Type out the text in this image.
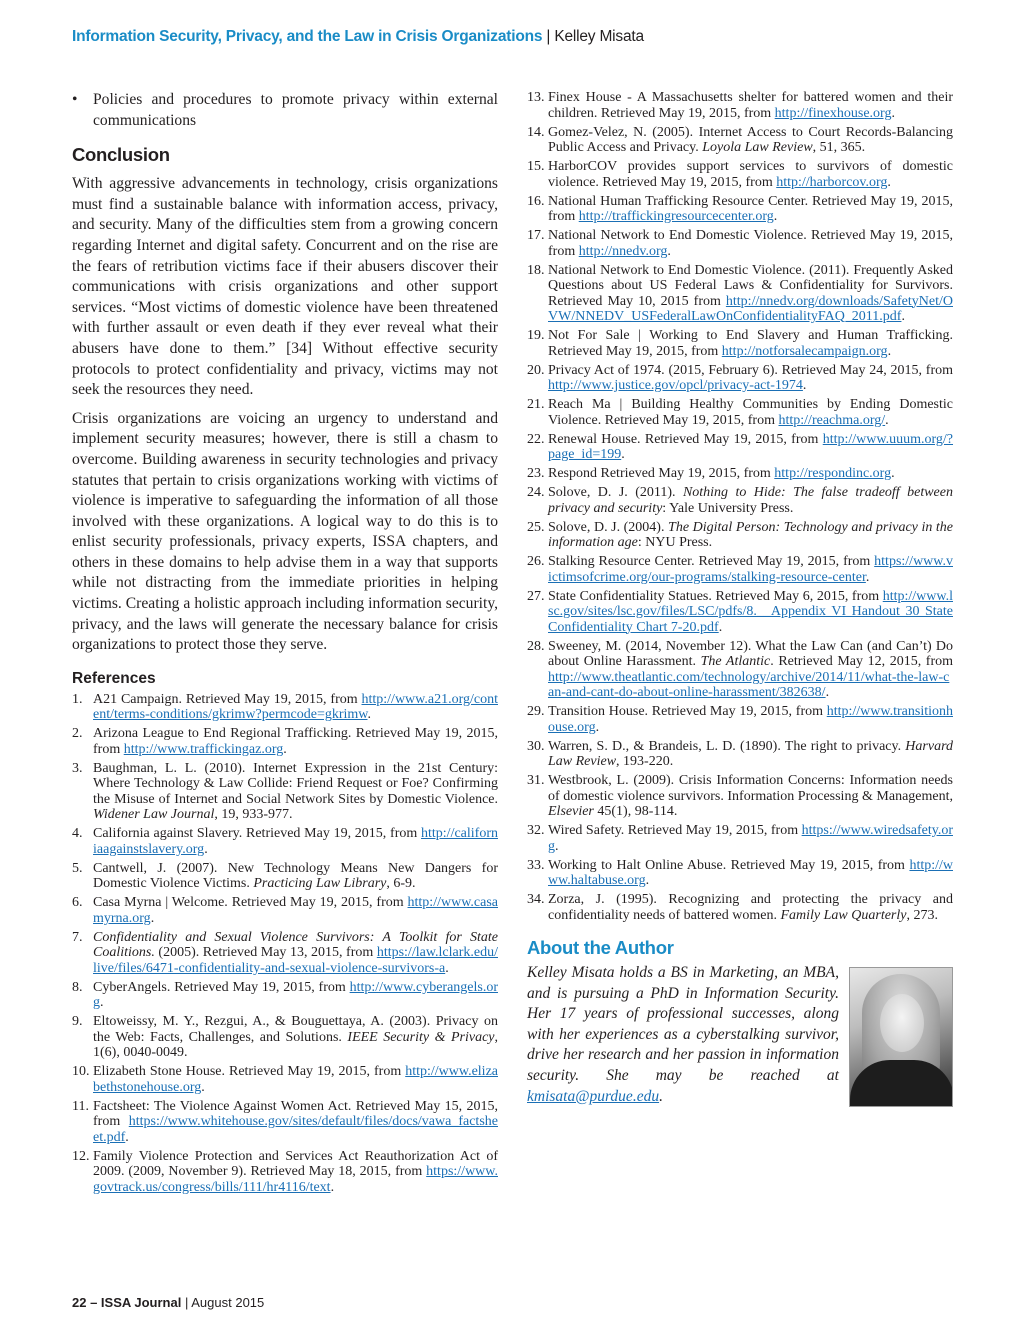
Information Security, Privacy, and the Law in Crisis Organizations | Kelley Misata
• Policies and procedures to promote privacy within external communications
Conclusion

With aggressive advancements in technology, crisis organizations must find a sustainable balance with information access, privacy, and security. Many of the difficulties stem from a growing concern regarding Internet and digital safety. Concurrent and on the rise are the fears of retribution victims face if their abusers discover their communications with crisis organizations and other support services. “Most victims of domestic violence have been threatened with further assault or even death if they ever reveal what their abusers have done to them.” [34] Without effective security protocols to protect confidentiality and privacy, victims may not seek the resources they need.

Crisis organizations are voicing an urgency to understand and implement security measures; however, there is still a chasm to overcome. Building awareness in security technologies and privacy statutes that pertain to crisis organizations working with victims of violence is imperative to safeguarding the information of all those involved with these organizations. A logical way to do this is to enlist security professionals, privacy experts, ISSA chapters, and others in these domains to help advise them in a way that supports while not distracting from the immediate priorities in helping victims. Creating a holistic approach including information security, privacy, and the laws will generate the necessary balance for crisis organizations to protect those they serve.

References
1. A21 Campaign. Retrieved May 19, 2015, from http://www.a21.org/content/terms-conditions/gkrimw?permcode=gkrimw.
2. Arizona League to End Regional Trafficking. Retrieved May 19, 2015, from http://www.traffickingaz.org.
3. Baughman, L. L. (2010). Internet Expression in the 21st Century: Where Technology & Law Collide: Friend Request or Foe? Confirming the Misuse of Internet and Social Network Sites by Domestic Violence. Widener Law Journal, 19, 933-977.
4. California against Slavery. Retrieved May 19, 2015, from http://californiaagainstslavery.org.
5. Cantwell, J. (2007). New Technology Means New Dangers for Domestic Violence Victims. Practicing Law Library, 6-9.
6. Casa Myrna | Welcome. Retrieved May 19, 2015, from http://www.casamyrna.org.
7. Confidentiality and Sexual Violence Survivors: A Toolkit for State Coalitions. (2005). Retrieved May 13, 2015, from https://law.lclark.edu/live/files/6471-confidentiality-and-sexual-violence-survivors-a.
8. CyberAngels. Retrieved May 19, 2015, from http://www.cyberangels.org.
9. Eltoweissy, M. Y., Rezgui, A., & Bouguettaya, A. (2003). Privacy on the Web: Facts, Challenges, and Solutions. IEEE Security & Privacy, 1(6), 0040-0049.
10. Elizabeth Stone House. Retrieved May 19, 2015, from http://www.elizabethstonehouse.org.
11. Factsheet: The Violence Against Women Act. Retrieved May 15, 2015, from https://www.whitehouse.gov/sites/default/files/docs/vawa_factsheet.pdf.
12. Family Violence Protection and Services Act Reauthorization Act of 2009. (2009, November 9). Retrieved May 18, 2015, from https://www.govtrack.us/congress/bills/111/hr4116/text.
13. Finex House - A Massachusetts shelter for battered women and their children. Retrieved May 19, 2015, from http://finexhouse.org.
14. Gomez-Velez, N. (2005). Internet Access to Court Records-Balancing Public Access and Privacy. Loyola Law Review, 51, 365.
15. HarborCOV provides support services to survivors of domestic violence. Retrieved May 19, 2015, from http://harborcov.org.
16. National Human Trafficking Resource Center. Retrieved May 19, 2015, from http://traffickingresourcecenter.org.
17. National Network to End Domestic Violence. Retrieved May 19, 2015, from http://nnedv.org.
18. National Network to End Domestic Violence. (2011). Frequently Asked Questions about US Federal Laws & Confidentiality for Survivors. Retrieved May 10, 2015 from http://nnedv.org/downloads/SafetyNet/OVW/NNEDV_USFederalLawOnConfidentialityFAQ_2011.pdf.
19. Not For Sale | Working to End Slavery and Human Trafficking. Retrieved May 19, 2015, from http://notforsalecampaign.org.
20. Privacy Act of 1974. (2015, February 6). Retrieved May 24, 2015, from http://www.justice.gov/opcl/privacy-act-1974.
21. Reach Ma | Building Healthy Communities by Ending Domestic Violence. Retrieved May 19, 2015, from http://reachma.org/.
22. Renewal House. Retrieved May 19, 2015, from http://www.uuum.org/?page_id=199.
23. Respond Retrieved May 19, 2015, from http://respondinc.org.
24. Solove, D. J. (2011). Nothing to Hide: The false tradeoff between privacy and security: Yale University Press.
25. Solove, D. J. (2004). The Digital Person: Technology and privacy in the information age: NYU Press.
26. Stalking Resource Center. Retrieved May 19, 2015, from https://www.victimsofcrime.org/our-programs/stalking-resource-center.
27. State Confidentiality Statues. Retrieved May 6, 2015, from http://www.lsc.gov/sites/lsc.gov/files/LSC/pdfs/8.__Appendix VI Handout 30 State Confidentiality Chart 7-20.pdf.
28. Sweeney, M. (2014, November 12). What the Law Can (and Can’t) Do about Online Harassment. The Atlantic. Retrieved May 12, 2015, from http://www.theatlantic.com/technology/archive/2014/11/what-the-law-can-and-cant-do-about-online-harassment/382638/.
29. Transition House. Retrieved May 19, 2015, from http://www.transitionhouse.org.
30. Warren, S. D., & Brandeis, L. D. (1890). The right to privacy. Harvard Law Review, 193-220.
31. Westbrook, L. (2009). Crisis Information Concerns: Information needs of domestic violence survivors. Information Processing & Management, Elsevier 45(1), 98-114.
32. Wired Safety. Retrieved May 19, 2015, from https://www.wiredsafety.org.
33. Working to Halt Online Abuse. Retrieved May 19, 2015, from http://www.haltabuse.org.
34. Zorza, J. (1995). Recognizing and protecting the privacy and confidentiality needs of battered women. Family Law Quarterly, 273.
About the Author

Kelley Misata holds a BS in Marketing, an MBA, and is pursuing a PhD in Information Security. Her 17 years of professional successes, along with her experiences as a cyberstalking survivor, drive her research and her passion in information security. She may be reached at kmisata@purdue.edu.

22 – ISSA Journal | August 2015
